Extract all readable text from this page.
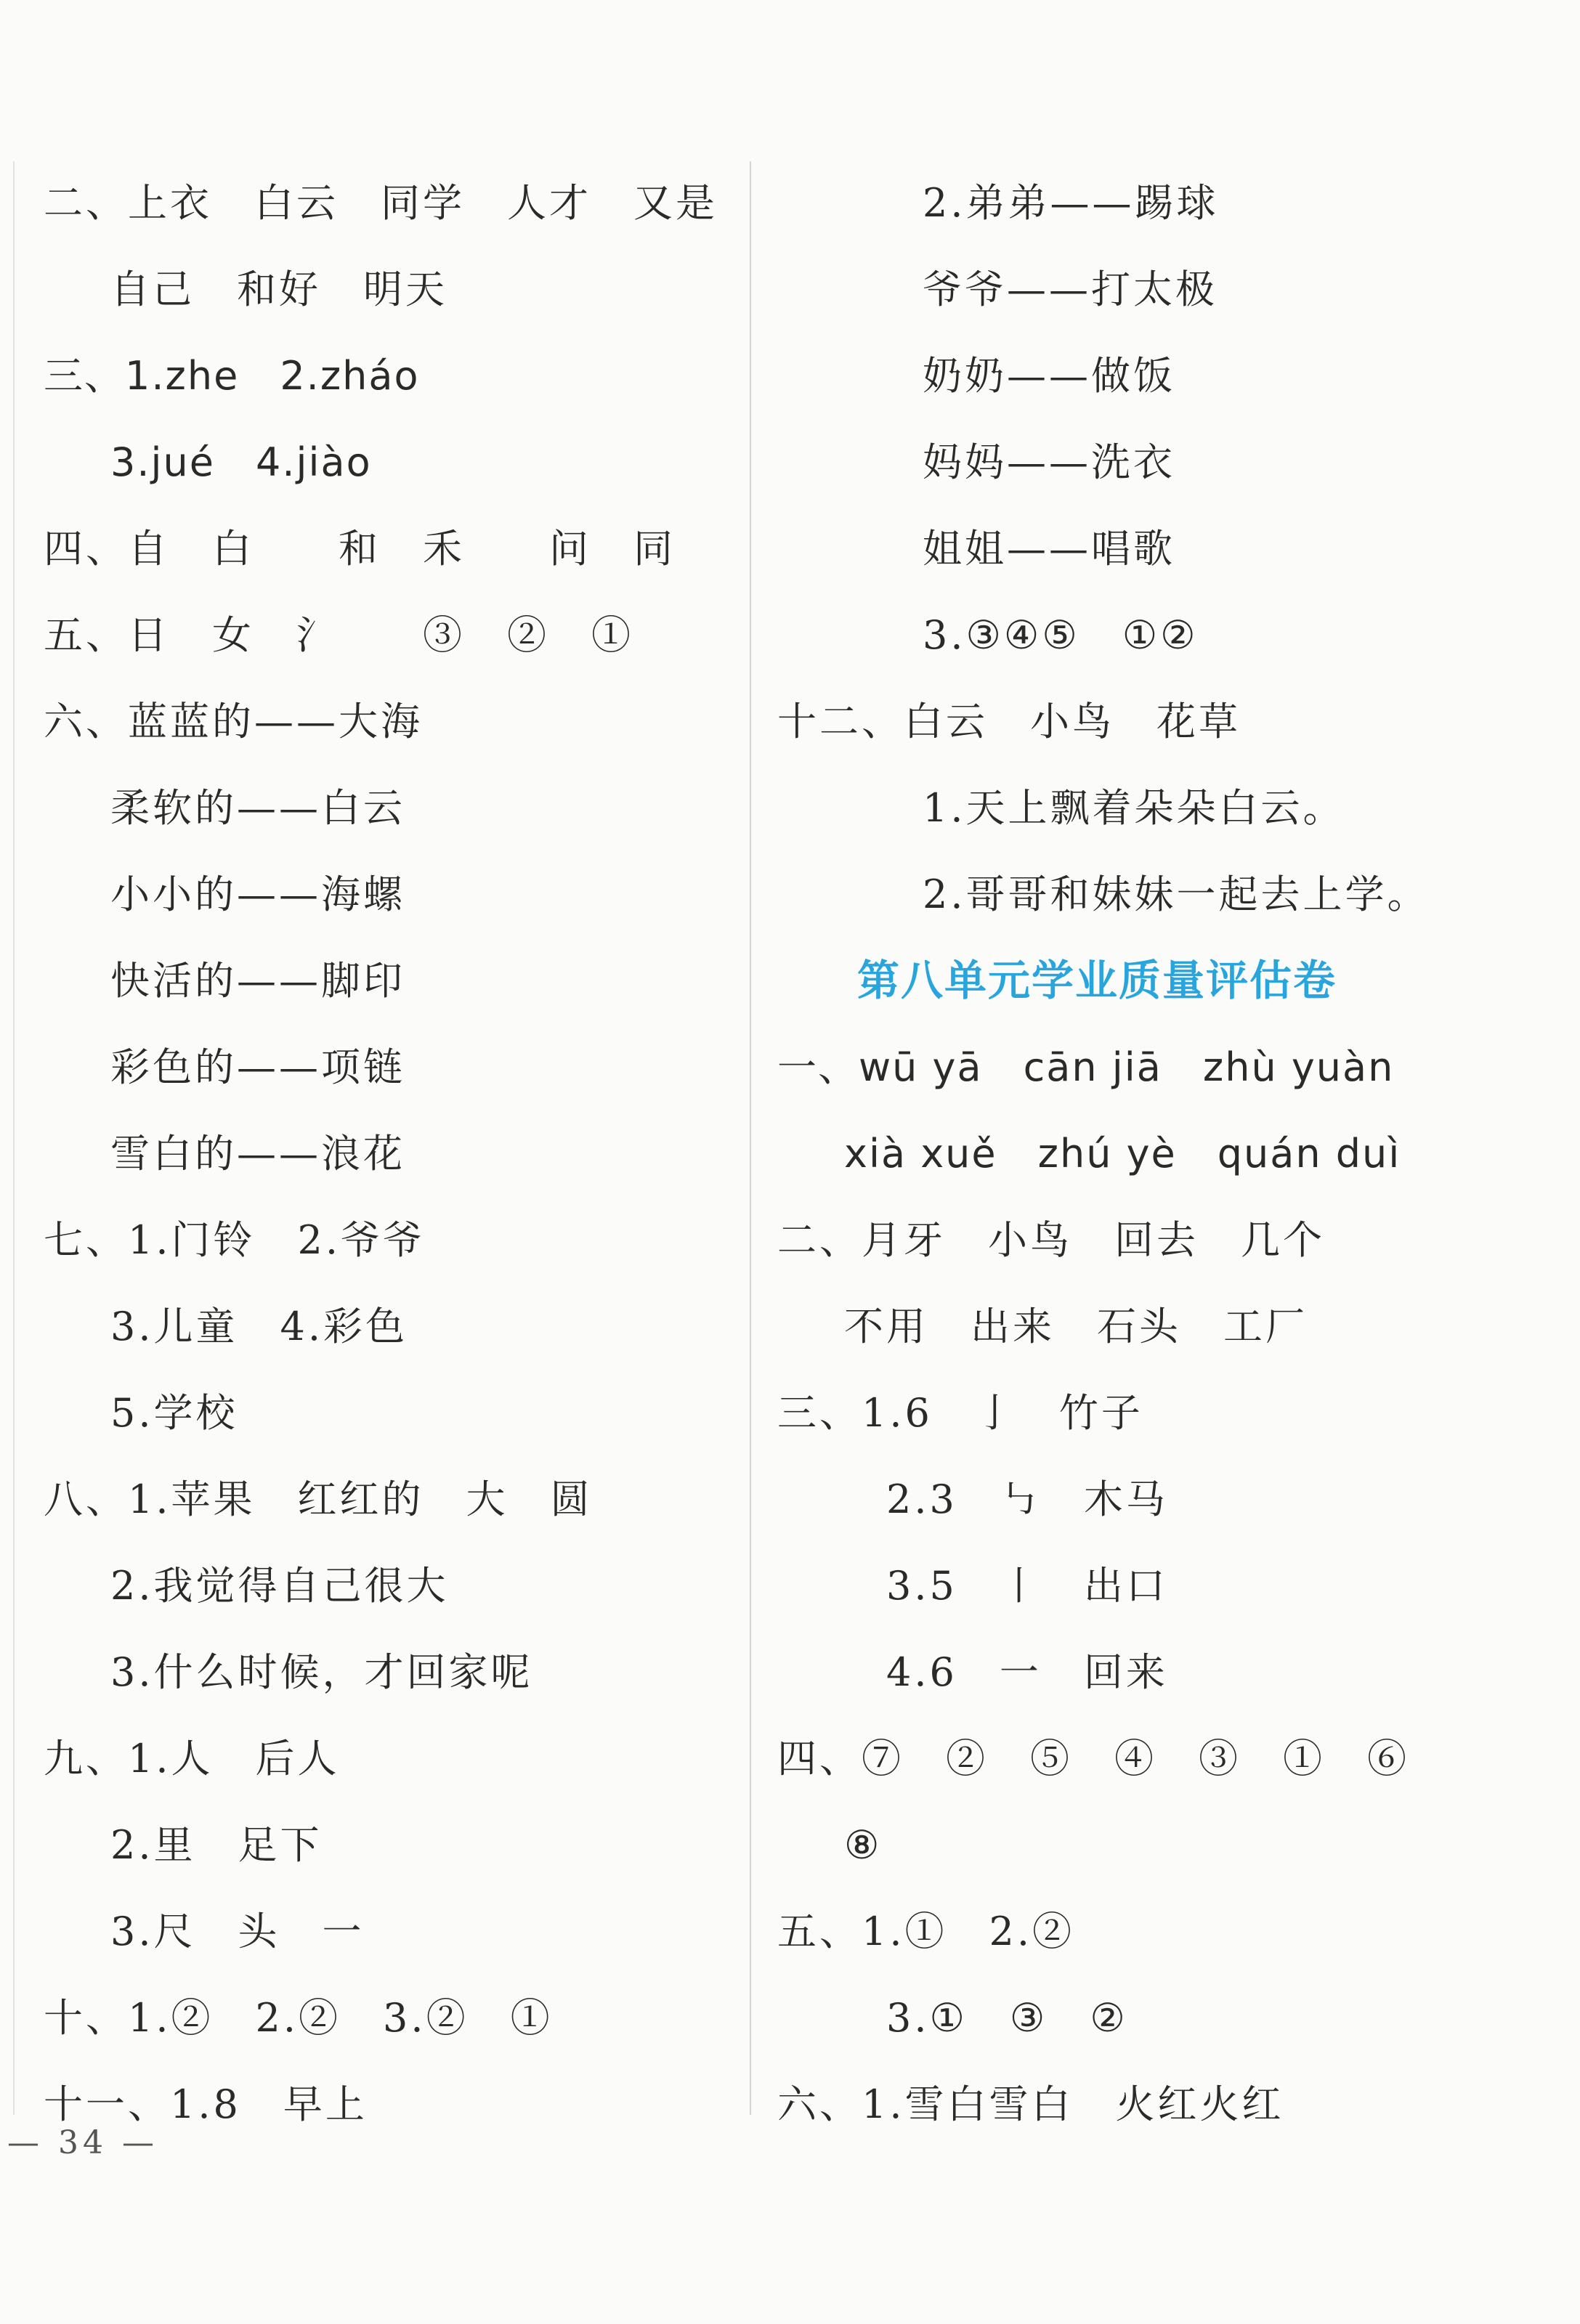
二、上衣　白云　同学　人才　又是
自己　和好　明天
三、1.zhe　2.zháo
3.jué　4.jiào
四、自　白　　和　禾　　问　同
五、日　女　氵　　③　②　①
六、蓝蓝的——大海
柔软的——白云
小小的——海螺
快活的——脚印
彩色的——项链
雪白的——浪花
七、1.门铃　2.爷爷
3.儿童　4.彩色
5.学校
八、1.苹果　红红的　大　圆
2.我觉得自己很大
3.什么时候，才回家呢
九、1.人　后人
2.里　足下
3.尺　头　一
十、1.②　2.②　3.②　①
十一、1.8　早上
2.弟弟——踢球
爷爷——打太极
奶奶——做饭
妈妈——洗衣
姐姐——唱歌
3.③④⑤　①②
十二、白云　小鸟　花草
1.天上飘着朵朵白云。
2.哥哥和妹妹一起去上学。
第八单元学业质量评估卷
一、wū yā　cān jiā　zhù yuàn
xià xuě　zhú yè　quán duì
二、月牙　小鸟　回去　几个
不用　出来　石头　工厂
三、1.6　亅　竹子
2.3　㇉　木马
3.5　丨　出口
4.6　一　回来
四、⑦　②　⑤　④　③　①　⑥
⑧
五、1.①　2.②
3.①　③　②
六、1.雪白雪白　火红火红
— 34 —
